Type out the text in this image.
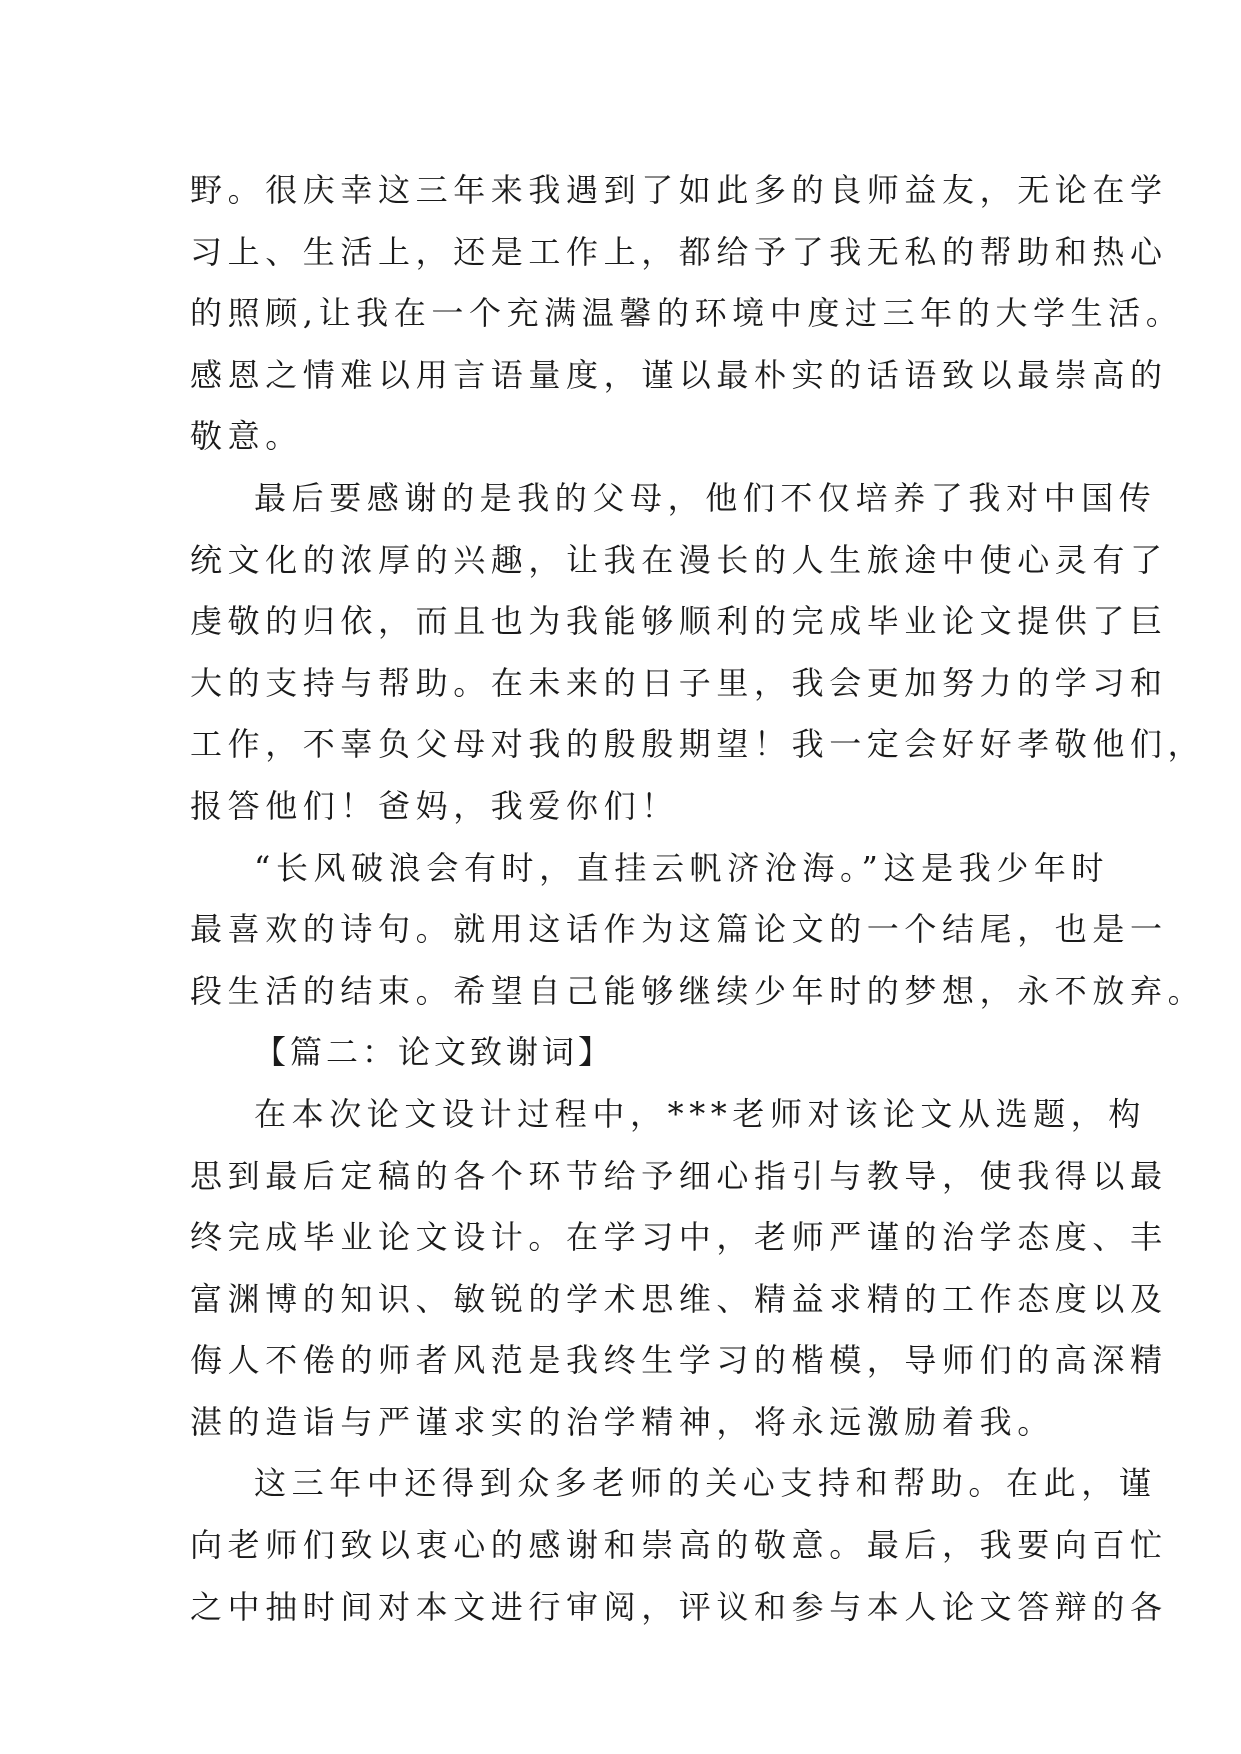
野。很庆幸这三年来我遇到了如此多的良师益友，无论在学
习上、生活上，还是工作上，都给予了我无私的帮助和热心
的照顾,让我在一个充满温馨的环境中度过三年的大学生活。
感恩之情难以用言语量度，谨以最朴实的话语致以最崇高的
敬意。
最后要感谢的是我的父母，他们不仅培养了我对中国传
统文化的浓厚的兴趣，让我在漫长的人生旅途中使心灵有了
虔敬的归依，而且也为我能够顺利的完成毕业论文提供了巨
大的支持与帮助。在未来的日子里，我会更加努力的学习和
工作，不辜负父母对我的殷殷期望！我一定会好好孝敬他们，
报答他们！爸妈，我爱你们！
“长风破浪会有时，直挂云帆济沧海。”这是我少年时
最喜欢的诗句。就用这话作为这篇论文的一个结尾，也是一
段生活的结束。希望自己能够继续少年时的梦想，永不放弃。
【篇二：论文致谢词】
在本次论文设计过程中，***老师对该论文从选题，构
思到最后定稿的各个环节给予细心指引与教导，使我得以最
终完成毕业论文设计。在学习中，老师严谨的治学态度、丰
富渊博的知识、敏锐的学术思维、精益求精的工作态度以及
侮人不倦的师者风范是我终生学习的楷模，导师们的高深精
湛的造诣与严谨求实的治学精神，将永远激励着我。
这三年中还得到众多老师的关心支持和帮助。在此，谨
向老师们致以衷心的感谢和崇高的敬意。最后，我要向百忙
之中抽时间对本文进行审阅，评议和参与本人论文答辩的各
